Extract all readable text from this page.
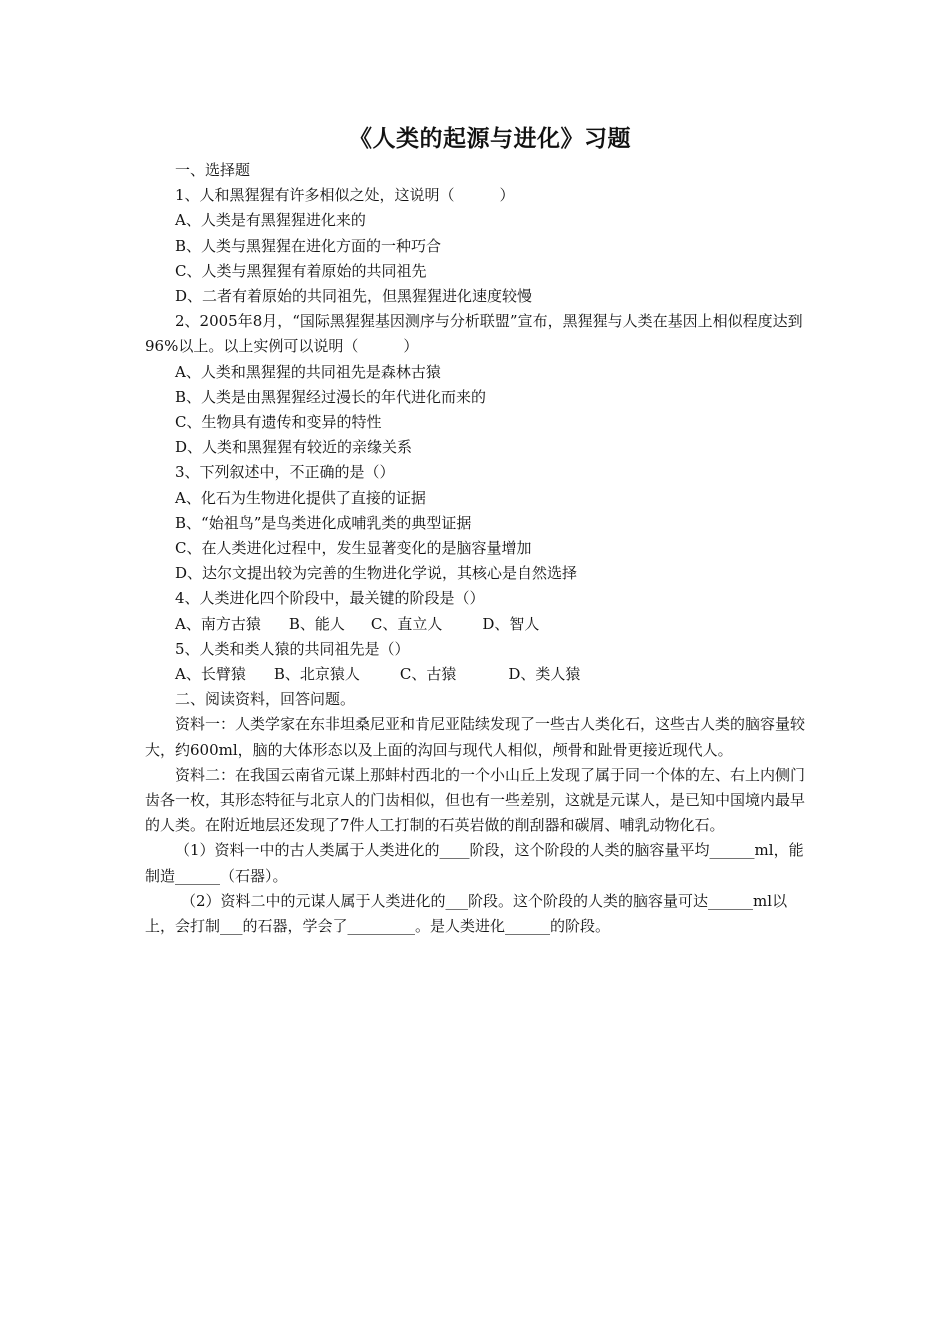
《人类的起源与进化》习题

一、选择题

1、人和黑猩猩有许多相似之处，这说明（　　　）

A、人类是有黑猩猩进化来的

B、人类与黑猩猩在进化方面的一种巧合

C、人类与黑猩猩有着原始的共同祖先

D、二者有着原始的共同祖先，但黑猩猩进化速度较慢

2、2005年8月，“国际黑猩猩基因测序与分析联盟”宣布，黑猩猩与人类在基因上相似程度达到96%以上。以上实例可以说明（　　　）

A、人类和黑猩猩的共同祖先是森林古猿

B、人类是由黑猩猩经过漫长的年代进化而来的

C、生物具有遗传和变异的特性

D、人类和黑猩猩有较近的亲缘关系

3、下列叙述中，不正确的是（）

A、化石为生物进化提供了直接的证据

B、“始祖鸟”是鸟类进化成哺乳类的典型证据

C、在人类进化过程中，发生显著变化的是脑容量增加

D、达尔文提出较为完善的生物进化学说，其核心是自然选择

4、人类进化四个阶段中，最关键的阶段是（）

A、南方古猿 B、能人 C、直立人	D、智人

5、人类和类人猿的共同祖先是（）

A、长臂猿 B、北京猿人	C、古猿	D、类人猿

二、阅读资料，回答问题。

资料一：人类学家在东非坦桑尼亚和肯尼亚陆续发现了一些古人类化石，这些古人类的脑容量较大，约600ml，脑的大体形态以及上面的沟回与现代人相似，颅骨和趾骨更接近现代人。

资料二：在我国云南省元谋上那蚌村西北的一个小山丘上发现了属于同一个体的左、右上内侧门齿各一枚，其形态特征与北京人的门齿相似，但也有一些差别，这就是元谋人，是已知中国境内最早的人类。在附近地层还发现了7件人工打制的石英岩做的削刮器和碳屑、哺乳动物化石。

（1）资料一中的古人类属于人类进化的____阶段，这个阶段的人类的脑容量平均______ml，能制造______（石器）。

（2）资料二中的元谋人属于人类进化的___阶段。这个阶段的人类的脑容量可达______ml以上，会打制___的石器，学会了_________。是人类进化______的阶段。
